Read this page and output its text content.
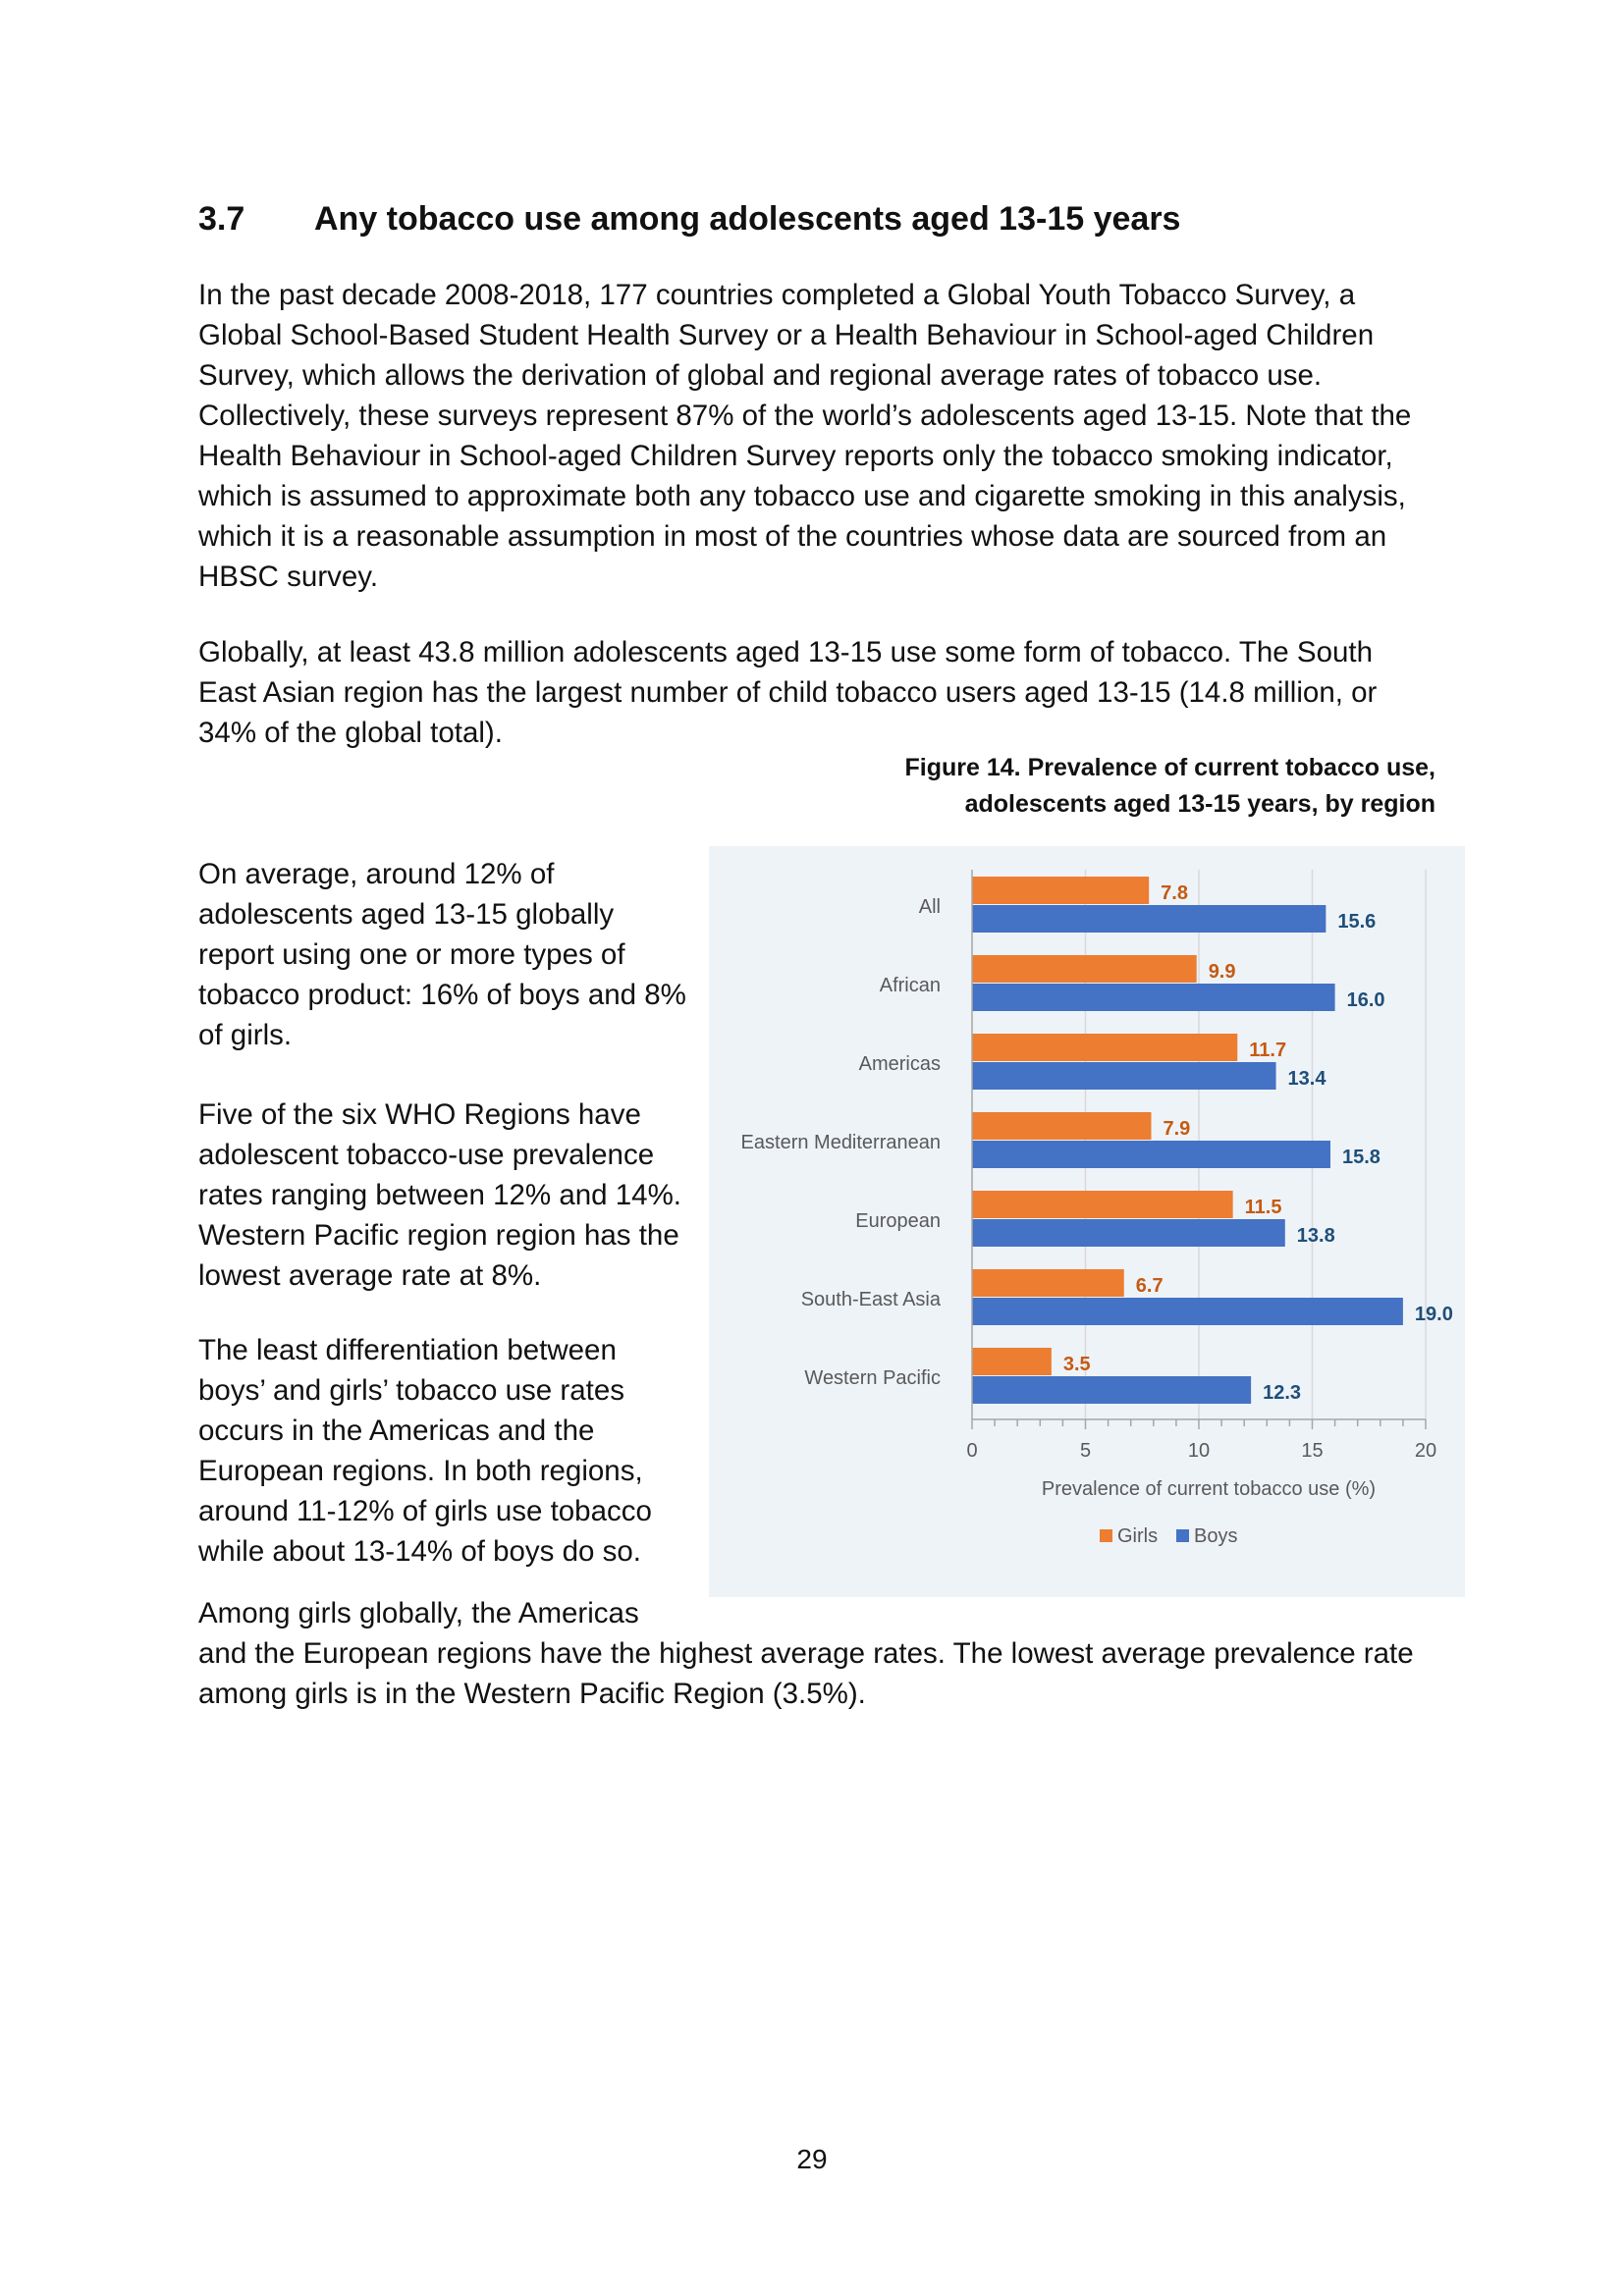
3.7 Any tobacco use among adolescents aged 13-15 years

In the past decade 2008-2018, 177 countries completed a Global Youth Tobacco Survey, a Global School-Based Student Health Survey or a Health Behaviour in School-aged Children Survey, which allows the derivation of global and regional average rates of tobacco use. Collectively, these surveys represent 87% of the world’s adolescents aged 13-15. Note that the Health Behaviour in School-aged Children Survey reports only the tobacco smoking indicator, which is assumed to approximate both any tobacco use and cigarette smoking in this analysis, which it is a reasonable assumption in most of the countries whose data are sourced from an HBSC survey.

Globally, at least 43.8 million adolescents aged 13-15 use some form of tobacco. The South East Asian region has the largest number of child tobacco users aged 13-15 (14.8 million, or 34% of the global total).

Figure 14. Prevalence of current tobacco use,
adolescents aged 13-15 years, by region

On average, around 12% of adolescents aged 13-15 globally report using one or more types of tobacco product: 16% of boys and 8% of girls.

Five of the six WHO Regions have adolescent tobacco-use prevalence rates ranging between 12% and 14%. Western Pacific region region has the lowest average rate at 8%.

The least differentiation between boys’ and girls’ tobacco use rates occurs in the Americas and the European regions. In both regions, around 11-12% of girls use tobacco while about 13-14% of boys do so.

Among girls globally, the Americas
and the European regions have the highest average rates. The lowest average prevalence rate among girls is in the Western Pacific Region (3.5%).
All
7.8
15.6
African
9.9
16.0
Americas
11.7
13.4
Eastern Mediterranean
7.9
15.8
European
11.5
13.8
South-East Asia
6.7
19.0
Western Pacific
3.5
12.3
0	5	10	15	20
Prevalence of current tobacco use (%)
Girls Boys
29
